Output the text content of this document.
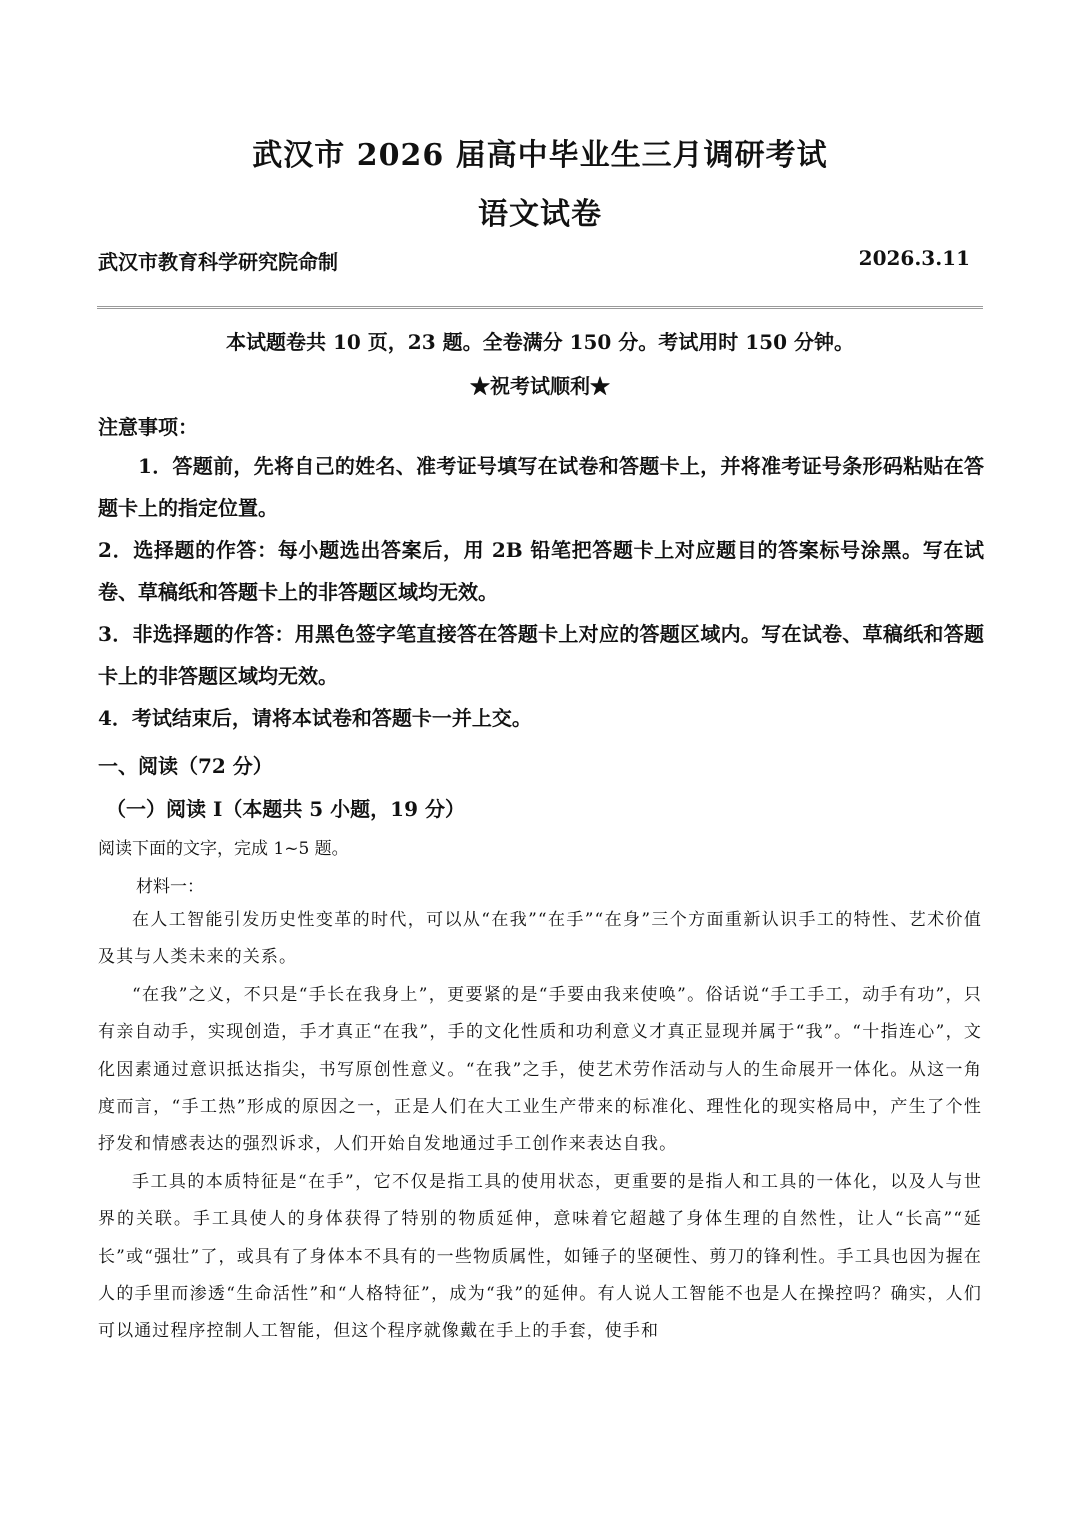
武汉市 2026 届高中毕业生三月调研考试
语文试卷
武汉市教育科学研究院命制	2026.3.11
本试题卷共 10 页，23 题。全卷满分 150 分。考试用时 150 分钟。
★祝考试顺利★
注意事项：

1．答题前，先将自己的姓名、准考证号填写在试卷和答题卡上，并将准考证号条形码粘贴在答题卡上的指定位置。

2．选择题的作答：每小题选出答案后，用 2B 铅笔把答题卡上对应题目的答案标号涂黑。写在试卷、草稿纸和答题卡上的非答题区域均无效。

3．非选择题的作答：用黑色签字笔直接答在答题卡上对应的答题区域内。写在试卷、草稿纸和答题卡上的非答题区域均无效。

4．考试结束后，请将本试卷和答题卡一并上交。

一、阅读（72 分）
（一）阅读 I（本题共 5 小题，19 分）
阅读下面的文字，完成 1~5 题。
材料一：

在人工智能引发历史性变革的时代，可以从“在我”“在手”“在身”三个方面重新认识手工的特性、艺术价值及其与人类未来的关系。

“在我”之义，不只是“手长在我身上”，更要紧的是“手要由我来使唤”。俗话说“手工手工，动手有功”，只有亲自动手，实现创造，手才真正“在我”，手的文化性质和功利意义才真正显现并属于“我”。“十指连心”，文化因素通过意识抵达指尖，书写原创性意义。“在我”之手，使艺术劳作活动与人的生命展开一体化。从这一角度而言，“手工热”形成的原因之一，正是人们在大工业生产带来的标准化、理性化的现实格局中，产生了个性抒发和情感表达的强烈诉求，人们开始自发地通过手工创作来表达自我。

手工具的本质特征是“在手”，它不仅是指工具的使用状态，更重要的是指人和工具的一体化，以及人与世界的关联。手工具使人的身体获得了特别的物质延伸，意味着它超越了身体生理的自然性，让人“长高”“延长”或“强壮”了，或具有了身体本不具有的一些物质属性，如锤子的坚硬性、剪刀的锋利性。手工具也因为握在人的手里而渗透“生命活性”和“人格特征”，成为“我”的延伸。有人说人工智能不也是人在操控吗？确实，人们可以通过程序控制人工智能，但这个程序就像戴在手上的手套，使手和
